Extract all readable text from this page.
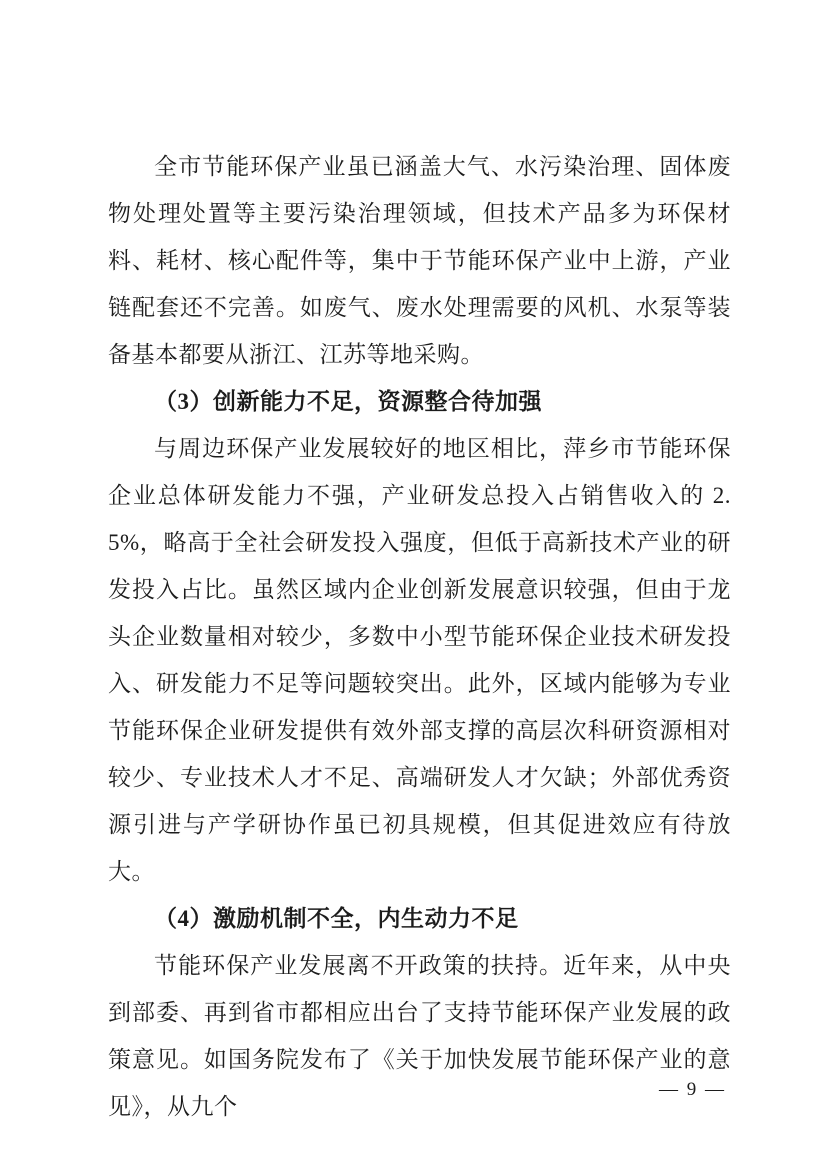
全市节能环保产业虽已涵盖大气、水污染治理、固体废物处理处置等主要污染治理领域，但技术产品多为环保材料、耗材、核心配件等，集中于节能环保产业中上游，产业链配套还不完善。如废气、废水处理需要的风机、水泵等装备基本都要从浙江、江苏等地采购。

（3）创新能力不足，资源整合待加强

与周边环保产业发展较好的地区相比，萍乡市节能环保企业总体研发能力不强，产业研发总投入占销售收入的 2.5%，略高于全社会研发投入强度，但低于高新技术产业的研发投入占比。虽然区域内企业创新发展意识较强，但由于龙头企业数量相对较少，多数中小型节能环保企业技术研发投入、研发能力不足等问题较突出。此外，区域内能够为专业节能环保企业研发提供有效外部支撑的高层次科研资源相对较少、专业技术人才不足、高端研发人才欠缺；外部优秀资源引进与产学研协作虽已初具规模，但其促进效应有待放大。

（4）激励机制不全，内生动力不足

节能环保产业发展离不开政策的扶持。近年来，从中央到部委、再到省市都相应出台了支持节能环保产业发展的政策意见。如国务院发布了《关于加快发展节能环保产业的意见》，从九个

— 9 —
